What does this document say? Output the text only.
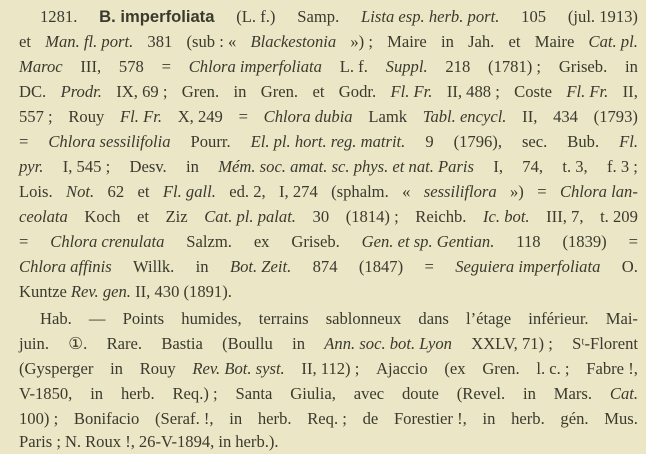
1281. B. imperfoliata (L. f.) Samp. Lista esp. herb. port. 105 (jul. 1913)
et Man. fl. port. 381 (sub : « Blackestonia ») ; Maire in Jah. et Maire Cat. pl.
Maroc III, 578 = Chlora imperfoliata L. f. Suppl. 218 (1781) ; Griseb. in
DC. Prodr. IX, 69 ; Gren. in Gren. et Godr. Fl. Fr. II, 488 ; Coste Fl. Fr. II,
557 ; Rouy Fl. Fr. X, 249 = Chlora dubia Lamk Tabl. encycl. II, 434 (1793)
= Chlora sessilifolia Pourr. El. pl. hort. reg. matrit. 9 (1796), sec. Bub. Fl.
pyr. I, 545 ; Desv. in Mém. soc. amat. sc. phys. et nat. Paris I, 74, t. 3, f. 3 ;
Lois. Not. 62 et Fl. gall. ed. 2, I, 274 (sphalm. « sessiliflora ») = Chlora lan-
ceolata Koch et Ziz Cat. pl. palat. 30 (1814) ; Reichb. Ic. bot. III, 7, t. 209
= Chlora crenulata Salzm. ex Griseb. Gen. et sp. Gentian. 118 (1839) =
Chlora affinis Willk. in Bot. Zeit. 874 (1847) = Seguiera imperfoliata O.
Kuntze Rev. gen. II, 430 (1891).
Hab. — Points humides, terrains sablonneux dans l’étage inférieur. Mai-
juin. ①. Rare. Bastia (Boullu in Ann. soc. bot. Lyon XXLV, 71) ; Sᵗ-Florent
(Gysperger in Rouy Rev. Bot. syst. II, 112) ; Ajaccio (ex Gren. l. c. ; Fabre !,
V-1850, in herb. Req.) ; Santa Giulia, avec doute (Revel. in Mars. Cat.
100) ; Bonifacio (Seraf. !, in herb. Req. ; de Forestier !, in herb. gén. Mus.
Paris ; N. Roux !, 26-V-1894, in herb.).
